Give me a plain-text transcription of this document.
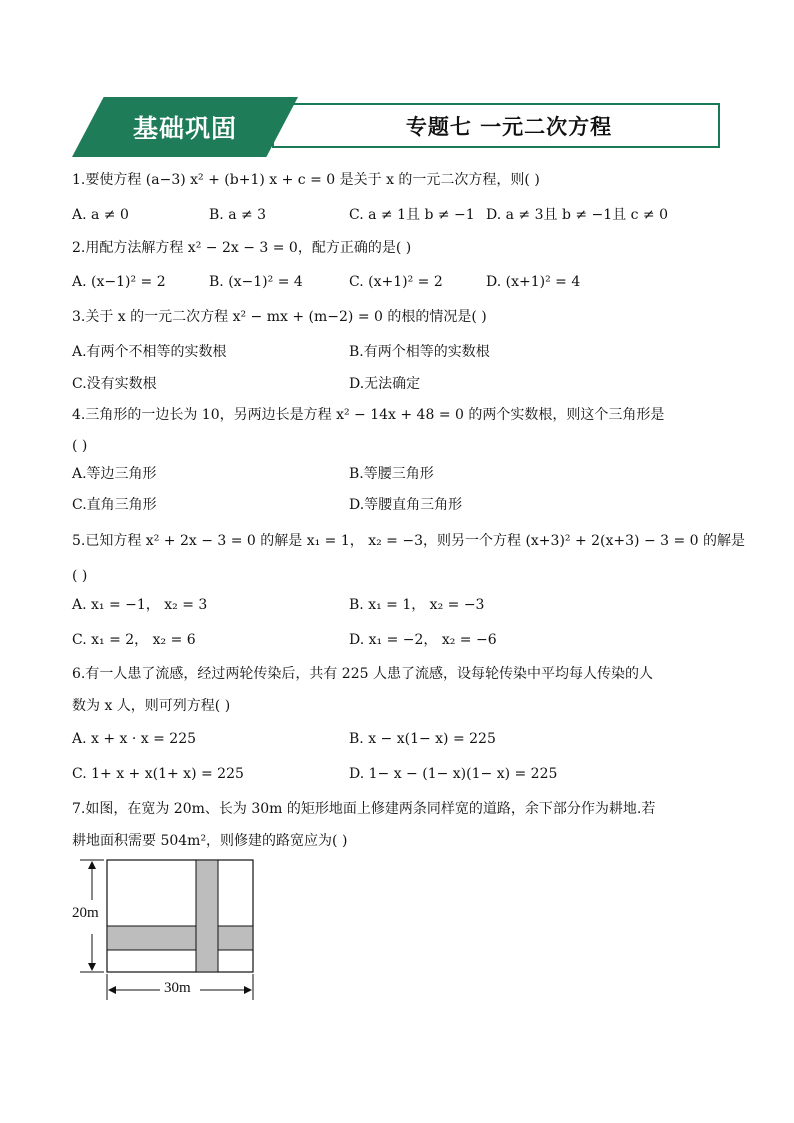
基础巩固	专题七 一元二次方程
1.要使方程 (a−3) x² + (b+1) x + c = 0 是关于 x 的一元二次方程，则( )
A. a ≠ 0	B. a ≠ 3	C. a ≠ 1且 b ≠ −1 D. a ≠ 3且 b ≠ −1且 c ≠ 0
2.用配方法解方程 x² − 2x − 3 = 0，配方正确的是( )
A. (x−1)² = 2	B. (x−1)² = 4	C. (x+1)² = 2	D. (x+1)² = 4
3.关于 x 的一元二次方程 x² − mx + (m−2) = 0 的根的情况是( )
A.有两个不相等的实数根	B.有两个相等的实数根
C.没有实数根	D.无法确定
4.三角形的一边长为 10，另两边长是方程 x² − 14x + 48 = 0 的两个实数根，则这个三角形是
( )
A.等边三角形	B.等腰三角形
C.直角三角形	D.等腰直角三角形
5.已知方程 x² + 2x − 3 = 0 的解是 x₁ = 1， x₂ = −3，则另一个方程 (x+3)² + 2(x+3) − 3 = 0 的解是
( )
A. x₁ = −1， x₂ = 3	B. x₁ = 1， x₂ = −3
C. x₁ = 2， x₂ = 6	D. x₁ = −2， x₂ = −6
6.有一人患了流感，经过两轮传染后，共有 225 人患了流感，设每轮传染中平均每人传染的人
数为 x 人，则可列方程( )
A. x + x · x = 225	B. x − x(1− x) = 225
C. 1+ x + x(1+ x) = 225	D. 1− x − (1− x)(1− x) = 225
7.如图，在宽为 20m、长为 30m 的矩形地面上修建两条同样宽的道路，余下部分作为耕地.若
耕地面积需要 504m²，则修建的路宽应为( )
20m
30m
